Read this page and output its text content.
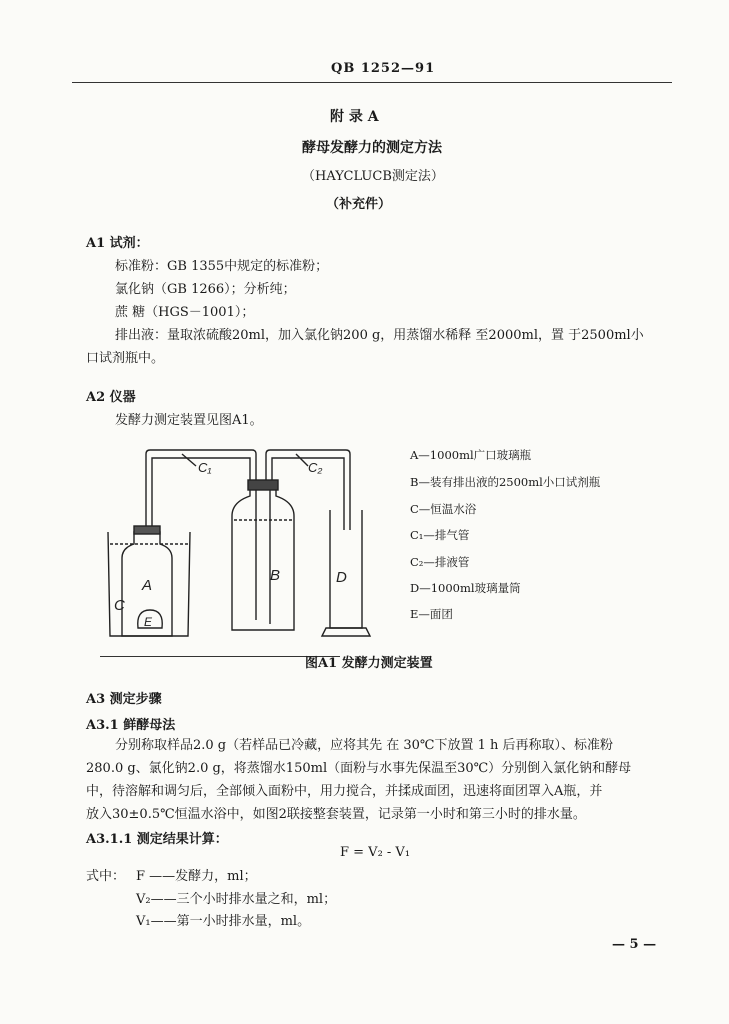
QB 1252—91
附 录 A
酵母发酵力的测定方法
（HAYCLUCB测定法）
（补充件）
A1 试剂：
标准粉：GB 1355中规定的标准粉；
氯化钠（GB 1266）；分析纯；
蔗 糖（HGS－1001）；
排出液：量取浓硫酸20ml，加入氯化钠200 g，用蒸馏水稀释 至2000ml，置 于2500ml小
口试剂瓶中。
A2 仪器
发酵力测定装置见图A1。
A
C
E
B	D
C₁	C₂
A—1000ml广口玻璃瓶
B—装有排出液的2500ml小口试剂瓶
C—恒温水浴
C₁—排气管
C₂—排液管
D—1000ml玻璃量筒
E—面团
图A1 发酵力测定装置
A3 测定步骤
A3.1 鲜酵母法
分别称取样品2.0 g（若样品已冷藏，应将其先 在 30℃下放置 1 h 后再称取）、标准粉
280.0 g、氯化钠2.0 g，将蒸馏水150ml（面粉与水事先保温至30℃）分别倒入氯化钠和酵母
中，待溶解和调匀后，全部倾入面粉中，用力搅合，并揉成面团，迅速将面团罩入A瓶，并
放入30±0.5℃恒温水浴中，如图2联接整套装置，记录第一小时和第三小时的排水量。
A3.1.1 测定结果计算：
F = V₂ - V₁
式中： F ——发酵力，ml；
V₂——三个小时排水量之和，ml；
V₁——第一小时排水量，ml。
— 5 —
